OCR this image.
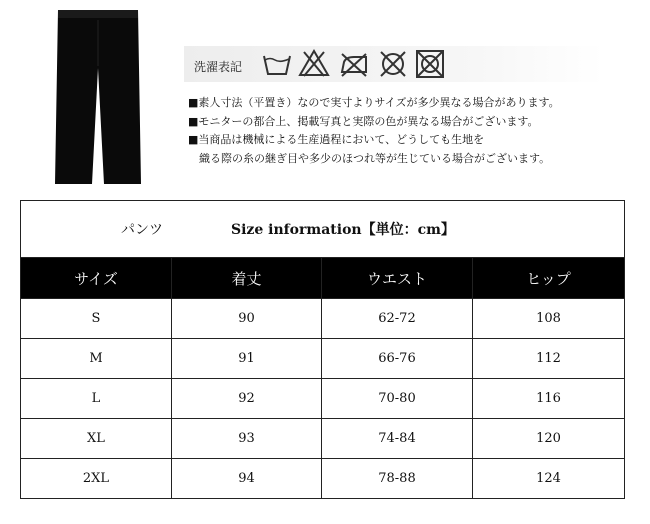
洗濯表記
■素人寸法（平置き）なので実寸よりサイズが多少異なる場合があります。
■モニターの都合上、掲載写真と実際の色が異なる場合がございます。
■当商品は機械による生産過程において、どうしても生地を
織る際の糸の継ぎ目や多少のほつれ等が生じている場合がございます。
パンツ Size information【単位：cm】			
サイズ	着丈	ウエスト	ヒップ
S	90	62-72	108
M	91	66-76	112
L	92	70-80	116
XL	93	74-84	120
2XL	94	78-88	124
